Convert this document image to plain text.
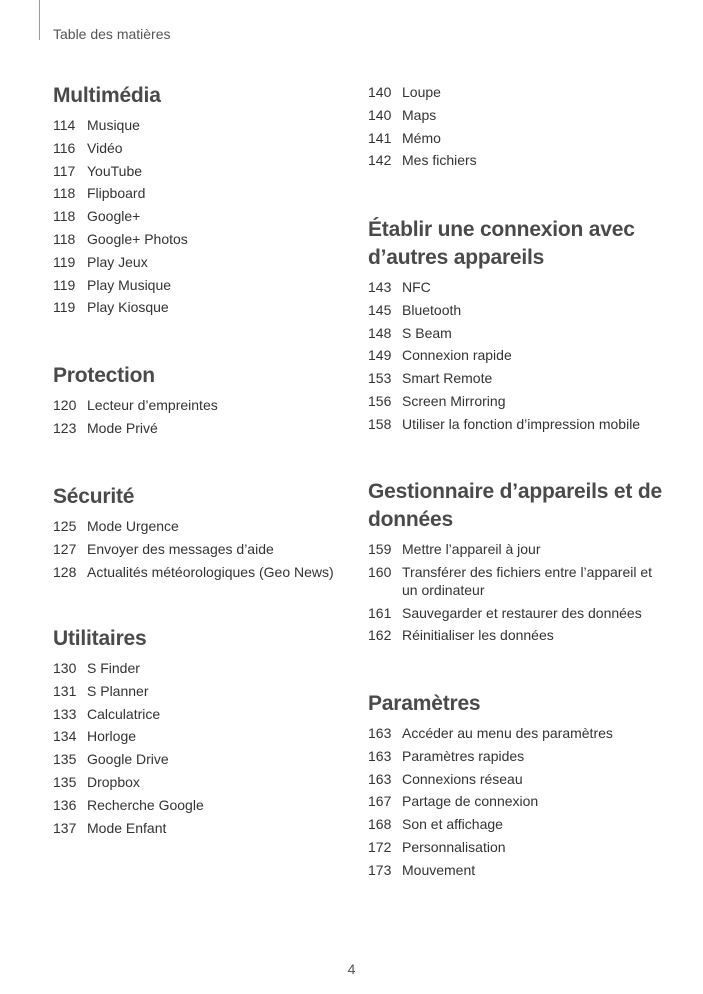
Table des matières
Multimédia
114 Musique
116 Vidéo
117 YouTube
118 Flipboard
118 Google+
118 Google+ Photos
119 Play Jeux
119 Play Musique
119 Play Kiosque
Protection
120 Lecteur d’empreintes
123 Mode Privé
Sécurité
125 Mode Urgence
127 Envoyer des messages d’aide
128 Actualités météorologiques (Geo News)
Utilitaires
130 S Finder
131 S Planner
133 Calculatrice
134 Horloge
135 Google Drive
135 Dropbox
136 Recherche Google
137 Mode Enfant
140 Loupe
140 Maps
141 Mémo
142 Mes fichiers
Établir une connexion avec d’autres appareils
143 NFC
145 Bluetooth
148 S Beam
149 Connexion rapide
153 Smart Remote
156 Screen Mirroring
158 Utiliser la fonction d’impression mobile
Gestionnaire d’appareils et de données
159 Mettre l’appareil à jour
160 Transférer des fichiers entre l’appareil et un ordinateur
161 Sauvegarder et restaurer des données
162 Réinitialiser les données
Paramètres
163 Accéder au menu des paramètres
163 Paramètres rapides
163 Connexions réseau
167 Partage de connexion
168 Son et affichage
172 Personnalisation
173 Mouvement
4
